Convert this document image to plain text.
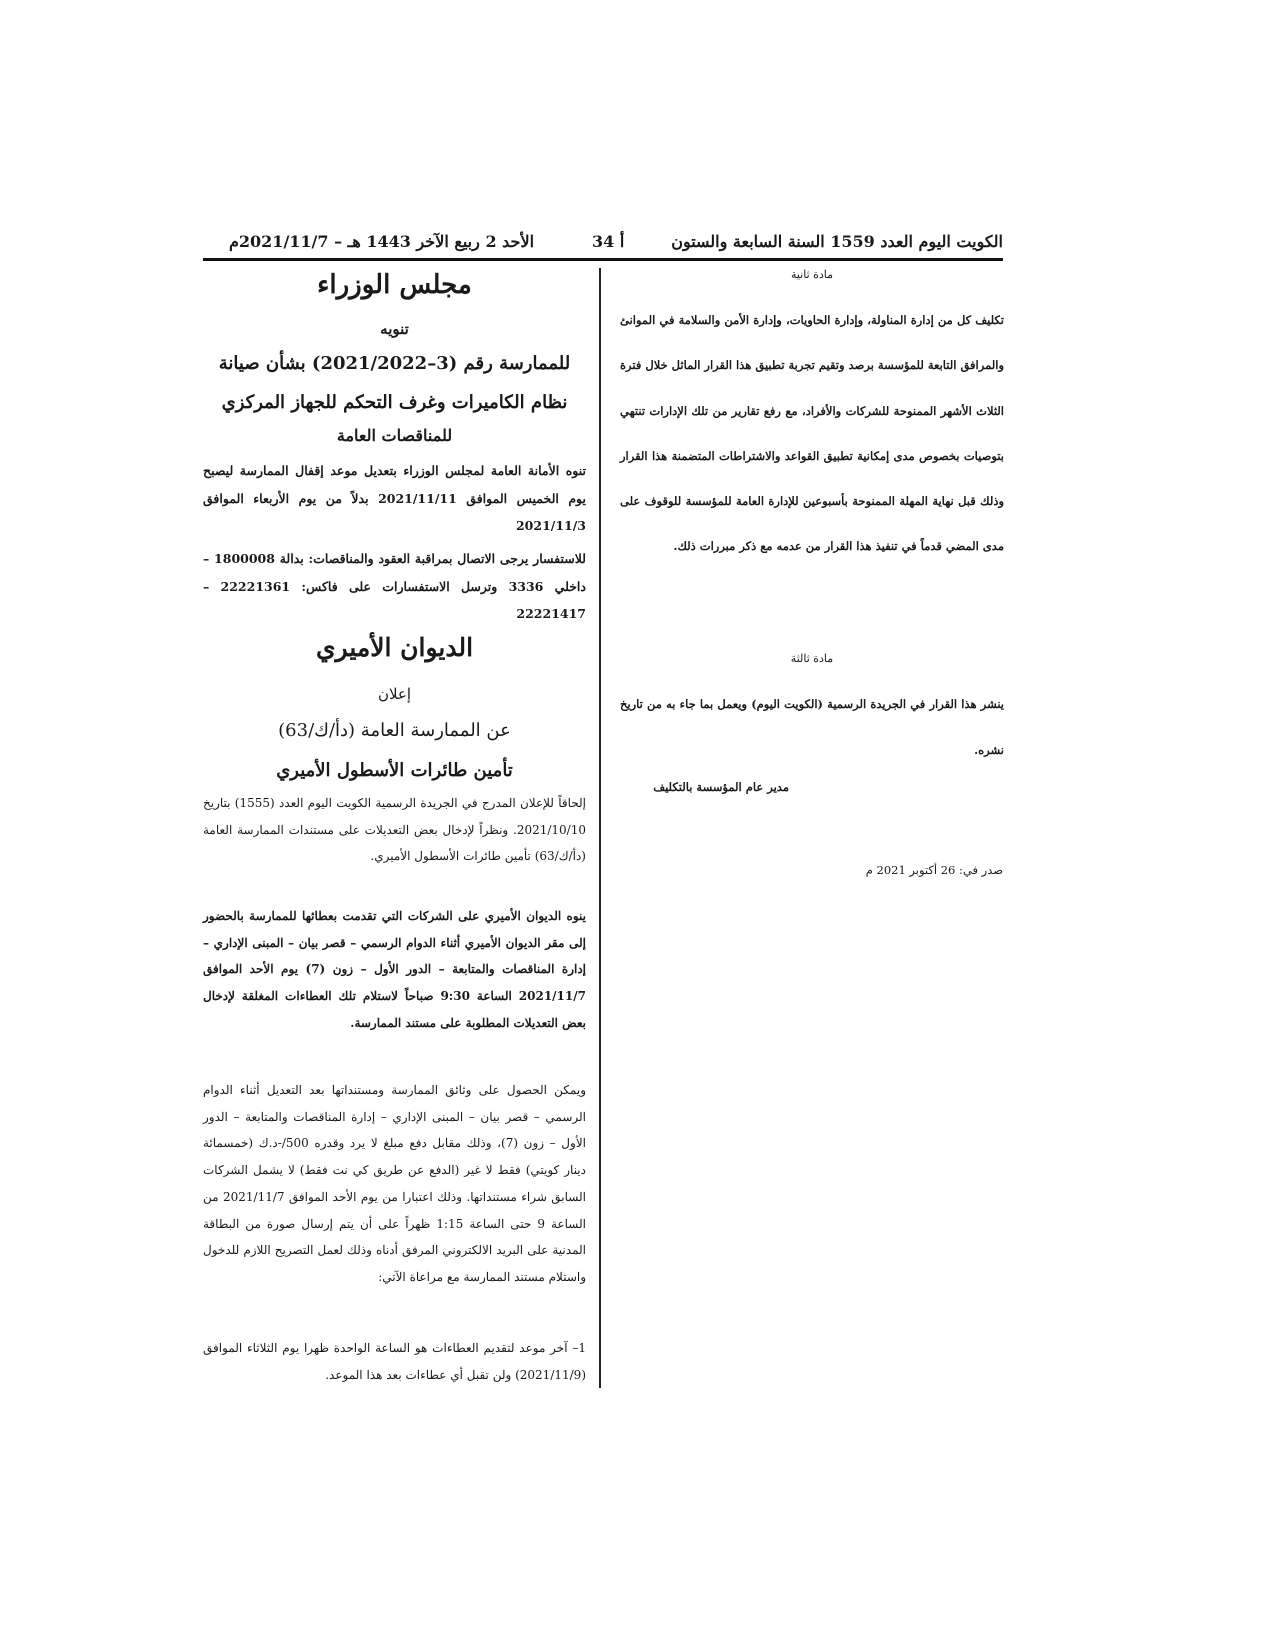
الكويت اليوم العدد 1559 السنة السابعة والستون
أ 34
الأحد 2 ربيع الآخر 1443 هـ – 2021/11/7م
مادة ثانية
تكليف كل من إدارة المناولة، وإدارة الحاويات، وإدارة الأمن والسلامة في الموانئ والمرافق التابعة للمؤسسة برصد وتقيم تجربة تطبيق هذا القرار الماثل خلال فترة الثلاث الأشهر الممنوحة للشركات والأفراد، مع رفع تقارير من تلك الإدارات تنتهي بتوصيات بخصوص مدى إمكانية تطبيق القواعد والاشتراطات المتضمنة هذا القرار وذلك قبل نهاية المهلة الممنوحة بأسبوعين للإدارة العامة للمؤسسة للوقوف على مدى المضي قدماً في تنفيذ هذا القرار من عدمه مع ذكر مبررات ذلك.
مادة ثالثة
ينشر هذا القرار في الجريدة الرسمية (الكويت اليوم) ويعمل بما جاء به من تاريخ نشره.
مدير عام المؤسسة بالتكليف
صدر في: 26 أكتوبر 2021 م
مجلس الوزراء
تنويه
للممارسة رقم (3–2021/2022) بشأن صيانة
نظام الكاميرات وغرف التحكم للجهاز المركزي
للمناقصات العامة
تنوه الأمانة العامة لمجلس الوزراء بتعديل موعد إقفال الممارسة ليصبح يوم الخميس الموافق 2021/11/11 بدلاً من يوم الأربعاء الموافق 2021/11/3
للاستفسار يرجى الاتصال بمراقبة العقود والمناقصات: بدالة 1800008 – داخلي 3336 وترسل الاستفسارات على فاكس: 22221361 – 22221417
الديوان الأميري
إعلان
عن الممارسة العامة (دأ/ك/63)
تأمين طائرات الأسطول الأميري
إلحاقاً للإعلان المدرج في الجريدة الرسمية الكويت اليوم العدد (1555) بتاريخ 2021/10/10. ونظراً لإدخال بعض التعديلات على مستندات الممارسة العامة (دأ/ك/63) تأمين طائرات الأسطول الأميري.
ينوه الديوان الأميري على الشركات التي تقدمت بعطائها للممارسة بالحضور إلى مقر الديوان الأميري أثناء الدوام الرسمي – قصر بيان – المبنى الإداري – إدارة المناقصات والمتابعة – الدور الأول – زون (7) يوم الأحد الموافق 2021/11/7 الساعة 9:30 صباحاً لاستلام تلك العطاءات المغلقة لإدخال بعض التعديلات المطلوبة على مستند الممارسة.
ويمكن الحصول على وثائق الممارسة ومستنداتها بعد التعديل أثناء الدوام الرسمي – قصر بيان – المبنى الإداري – إدارة المناقصات والمتابعة – الدور الأول – زون (7)، وذلك مقابل دفع مبلغ لا يرد وقدره 500/-د.ك (خمسمائة دينار كويتي) فقط لا غير (الدفع عن طريق كي نت فقط) لا يشمل الشركات السابق شراء مستنداتها. وذلك اعتبارا من يوم الأحد الموافق 2021/11/7 من الساعة 9 حتى الساعة 1:15 ظهراً على أن يتم إرسال صورة من البطاقة المدنية على البريد الالكتروني المرفق أدناه وذلك لعمل التصريح اللازم للدخول واستلام مستند الممارسة مع مراعاة الآتي:
1– آخر موعد لتقديم العطاءات هو الساعة الواحدة ظهرا يوم الثلاثاء الموافق (2021/11/9) ولن تقبل أي عطاءات بعد هذا الموعد.
